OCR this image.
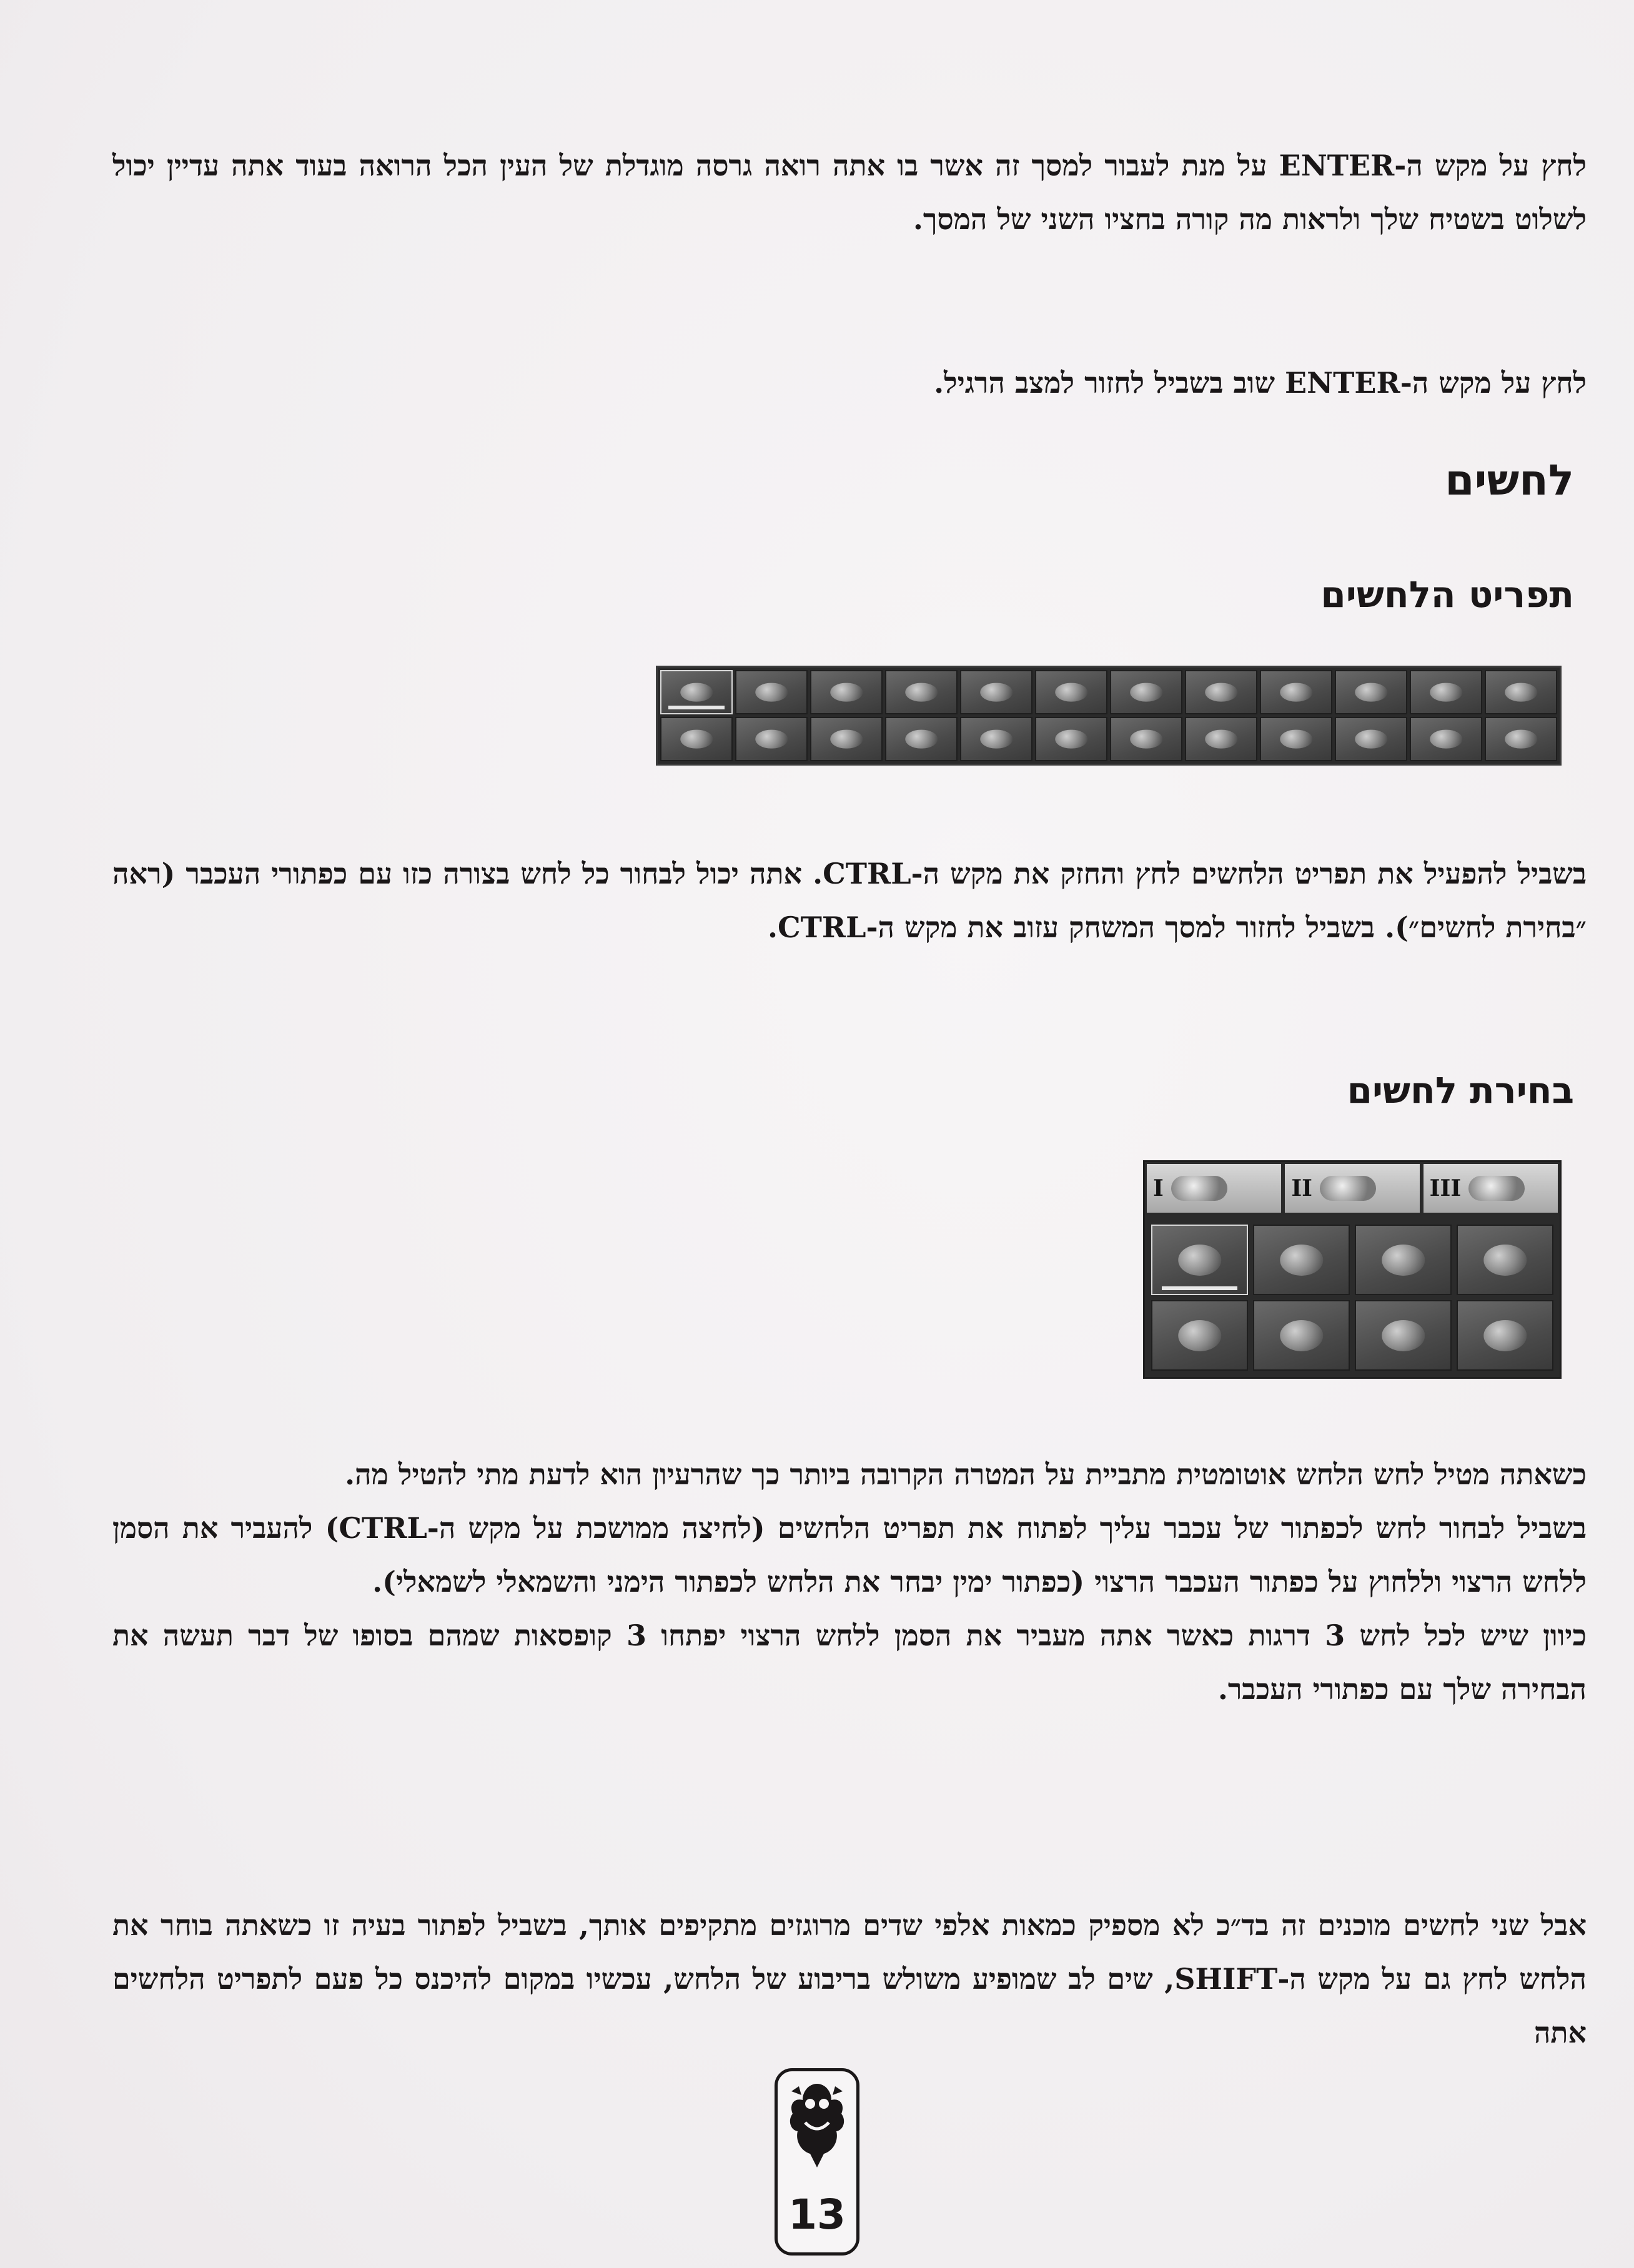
לחץ על מקש ה-ENTER על מנת לעבור למסך זה אשר בו אתה רואה גרסה מוגדלת של העין הכל הרואה בעוד אתה עדיין יכול לשלוט בשטיח שלך ולראות מה קורה בחציו השני של המסך.

לחץ על מקש ה-ENTER שוב בשביל לחזור למצב הרגיל.

לחשים
תפריט הלחשים

בשביל להפעיל את תפריט הלחשים לחץ והחזק את מקש ה-CTRL. אתה יכול לבחור כל לחש בצורה כזו עם כפתורי העכבר (ראה ״בחירת לחשים״). בשביל לחזור למסך המשחק עזוב את מקש ה-CTRL.

בחירת לחשים
I	II	III

כשאתה מטיל לחש הלחש אוטומטית מתביית על המטרה הקרובה ביותר כך שהרעיון הוא לדעת מתי להטיל מה.

בשביל לבחור לחש לכפתור של עכבר עליך לפתוח את תפריט הלחשים (לחיצה ממושכת על מקש ה-CTRL) להעביר את הסמן ללחש הרצוי וללחוץ על כפתור העכבר הרצוי (כפתור ימין יבחר את הלחש לכפתור הימני והשמאלי לשמאלי).

כיוון שיש לכל לחש 3 דרגות כאשר אתה מעביר את הסמן ללחש הרצוי יפתחו 3 קופסאות שמהם בסופו של דבר תעשה את הבחירה שלך עם כפתורי העכבר.

אבל שני לחשים מוכנים זה בד״כ לא מספיק כמאות אלפי שדים מרוגזים מתקיפים אותך, בשביל לפתור בעיה זו כשאתה בוחר את הלחש לחץ גם על מקש ה-SHIFT, שים לב שמופיע משולש בריבוע של הלחש, עכשיו במקום להיכנס כל פעם לתפריט הלחשים אתה

13
